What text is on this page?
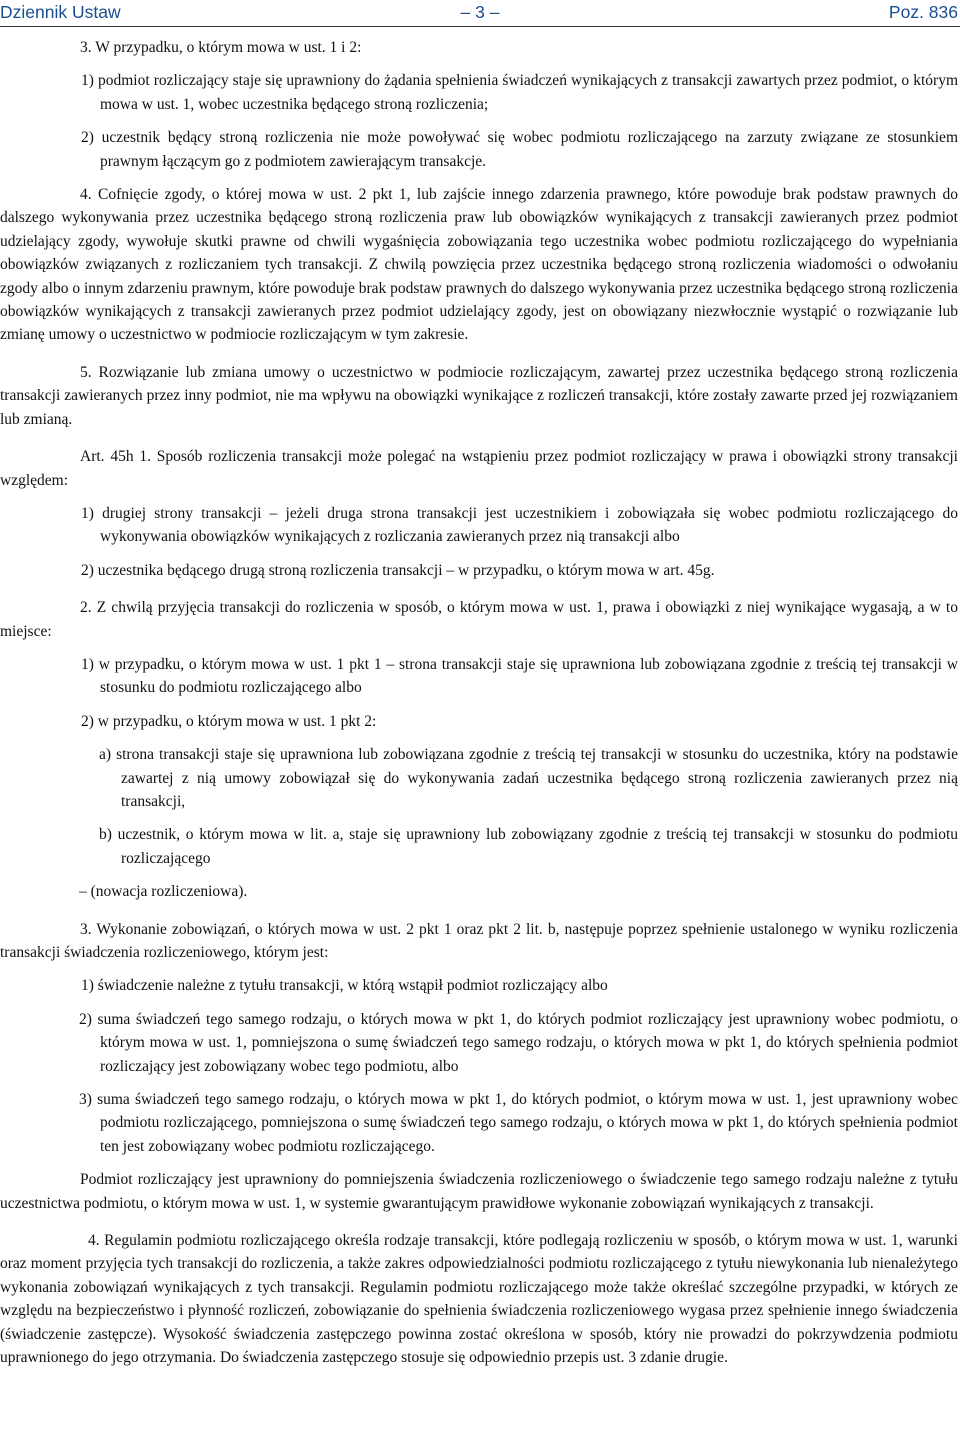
Dziennik Ustaw	– 3 –	Poz. 836

3. W przypadku, o którym mowa w ust. 1 i 2:

1) podmiot rozliczający staje się uprawniony do żądania spełnienia świadczeń wynikających z transakcji zawartych przez podmiot, o którym mowa w ust. 1, wobec uczestnika będącego stroną rozliczenia;

2) uczestnik będący stroną rozliczenia nie może powoływać się wobec podmiotu rozliczającego na zarzuty związane ze stosunkiem prawnym łączącym go z podmiotem zawierającym transakcje.

4. Cofnięcie zgody, o której mowa w ust. 2 pkt 1, lub zajście innego zdarzenia prawnego, które powoduje brak podstaw prawnych do dalszego wykonywania przez uczestnika będącego stroną rozliczenia praw lub obowiązków wynikających z transakcji zawieranych przez podmiot udzielający zgody, wywołuje skutki prawne od chwili wygaśnięcia zobowiązania tego uczestnika wobec podmiotu rozliczającego do wypełniania obowiązków związanych z rozliczaniem tych transakcji. Z chwilą powzięcia przez uczestnika będącego stroną rozliczenia wiadomości o odwołaniu zgody albo o innym zdarzeniu prawnym, które powoduje brak podstaw prawnych do dalszego wykonywania przez uczestnika będącego stroną rozliczenia obowiązków wynikających z transakcji zawieranych przez podmiot udzielający zgody, jest on obowiązany niezwłocznie wystąpić o rozwiązanie lub zmianę umowy o uczestnictwo w podmiocie rozliczającym w tym zakresie.

5. Rozwiązanie lub zmiana umowy o uczestnictwo w podmiocie rozliczającym, zawartej przez uczestnika będącego stroną rozliczenia transakcji zawieranych przez inny podmiot, nie ma wpływu na obowiązki wynikające z rozliczeń transakcji, które zostały zawarte przed jej rozwiązaniem lub zmianą.

Art. 45h 1. Sposób rozliczenia transakcji może polegać na wstąpieniu przez podmiot rozliczający w prawa i obowiązki strony transakcji względem:

1) drugiej strony transakcji – jeżeli druga strona transakcji jest uczestnikiem i zobowiązała się wobec podmiotu rozliczającego do wykonywania obowiązków wynikających z rozliczania zawieranych przez nią transakcji albo

2) uczestnika będącego drugą stroną rozliczenia transakcji – w przypadku, o którym mowa w art. 45g.

2. Z chwilą przyjęcia transakcji do rozliczenia w sposób, o którym mowa w ust. 1, prawa i obowiązki z niej wynikające wygasają, a w to miejsce:

1) w przypadku, o którym mowa w ust. 1 pkt 1 – strona transakcji staje się uprawniona lub zobowiązana zgodnie z treścią tej transakcji w stosunku do podmiotu rozliczającego albo

2) w przypadku, o którym mowa w ust. 1 pkt 2:

a) strona transakcji staje się uprawniona lub zobowiązana zgodnie z treścią tej transakcji w stosunku do uczestnika, który na podstawie zawartej z nią umowy zobowiązał się do wykonywania zadań uczestnika będącego stroną rozliczenia zawieranych przez nią transakcji,

b) uczestnik, o którym mowa w lit. a, staje się uprawniony lub zobowiązany zgodnie z treścią tej transakcji w stosunku do podmiotu rozliczającego

– (nowacja rozliczeniowa).

3. Wykonanie zobowiązań, o których mowa w ust. 2 pkt 1 oraz pkt 2 lit. b, następuje poprzez spełnienie ustalonego w wyniku rozliczenia transakcji świadczenia rozliczeniowego, którym jest:

1) świadczenie należne z tytułu transakcji, w którą wstąpił podmiot rozliczający albo

2) suma świadczeń tego samego rodzaju, o których mowa w pkt 1, do których podmiot rozliczający jest uprawniony wobec podmiotu, o którym mowa w ust. 1, pomniejszona o sumę świadczeń tego samego rodzaju, o których mowa w pkt 1, do których spełnienia podmiot rozliczający jest zobowiązany wobec tego podmiotu, albo

3) suma świadczeń tego samego rodzaju, o których mowa w pkt 1, do których podmiot, o którym mowa w ust. 1, jest uprawniony wobec podmiotu rozliczającego, pomniejszona o sumę świadczeń tego samego rodzaju, o których mowa w pkt 1, do których spełnienia podmiot ten jest zobowiązany wobec podmiotu rozliczającego.

Podmiot rozliczający jest uprawniony do pomniejszenia świadczenia rozliczeniowego o świadczenie tego samego rodzaju należne z tytułu uczestnictwa podmiotu, o którym mowa w ust. 1, w systemie gwarantującym prawidłowe wykonanie zobowiązań wynikających z transakcji.

4. Regulamin podmiotu rozliczającego określa rodzaje transakcji, które podlegają rozliczeniu w sposób, o którym mowa w ust. 1, warunki oraz moment przyjęcia tych transakcji do rozliczenia, a także zakres odpowiedzialności podmiotu rozliczającego z tytułu niewykonania lub nienależytego wykonania zobowiązań wynikających z tych transakcji. Regulamin podmiotu rozliczającego może także określać szczególne przypadki, w których ze względu na bezpieczeństwo i płynność rozliczeń, zobowiązanie do spełnienia świadczenia rozliczeniowego wygasa przez spełnienie innego świadczenia (świadczenie zastępcze). Wysokość świadczenia zastępczego powinna zostać określona w sposób, który nie prowadzi do pokrzywdzenia podmiotu uprawnionego do jego otrzymania. Do świadczenia zastępczego stosuje się odpowiednio przepis ust. 3 zdanie drugie.
